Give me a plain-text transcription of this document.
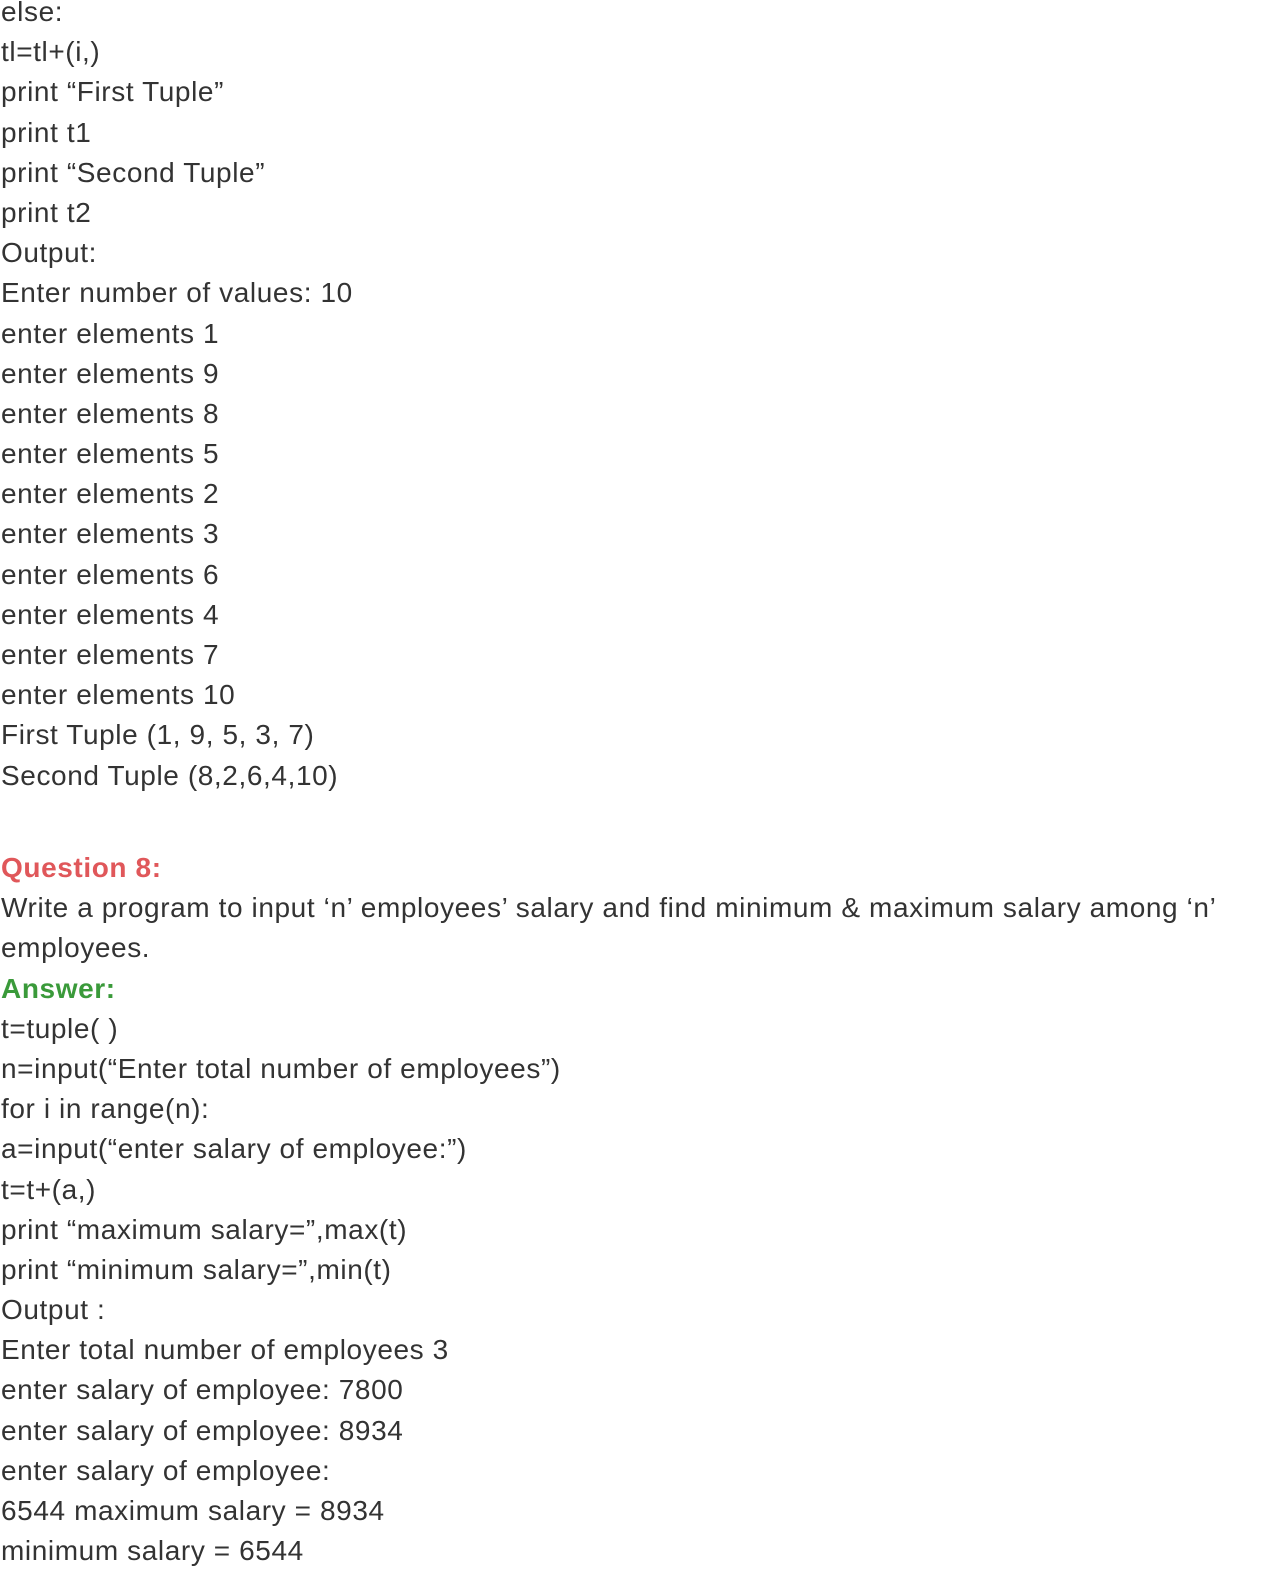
else:
tl=tl+(i,)
print “First Tuple”
print t1
print “Second Tuple”
print t2
Output:
Enter number of values: 10
enter elements 1
enter elements 9
enter elements 8
enter elements 5
enter elements 2
enter elements 3
enter elements 6
enter elements 4
enter elements 7
enter elements 10
First Tuple (1, 9, 5, 3, 7)
Second Tuple (8,2,6,4,10)
Question 8:
Write a program to input ‘n’ employees’ salary and find minimum & maximum salary among ‘n’
employees.
Answer:
t=tuple( )
n=input(“Enter total number of employees”)
for i in range(n):
a=input(“enter salary of employee:”)
t=t+(a,)
print “maximum salary=”,max(t)
print “minimum salary=”,min(t)
Output :
Enter total number of employees 3
enter salary of employee: 7800
enter salary of employee: 8934
enter salary of employee:
6544 maximum salary = 8934
minimum salary = 6544
